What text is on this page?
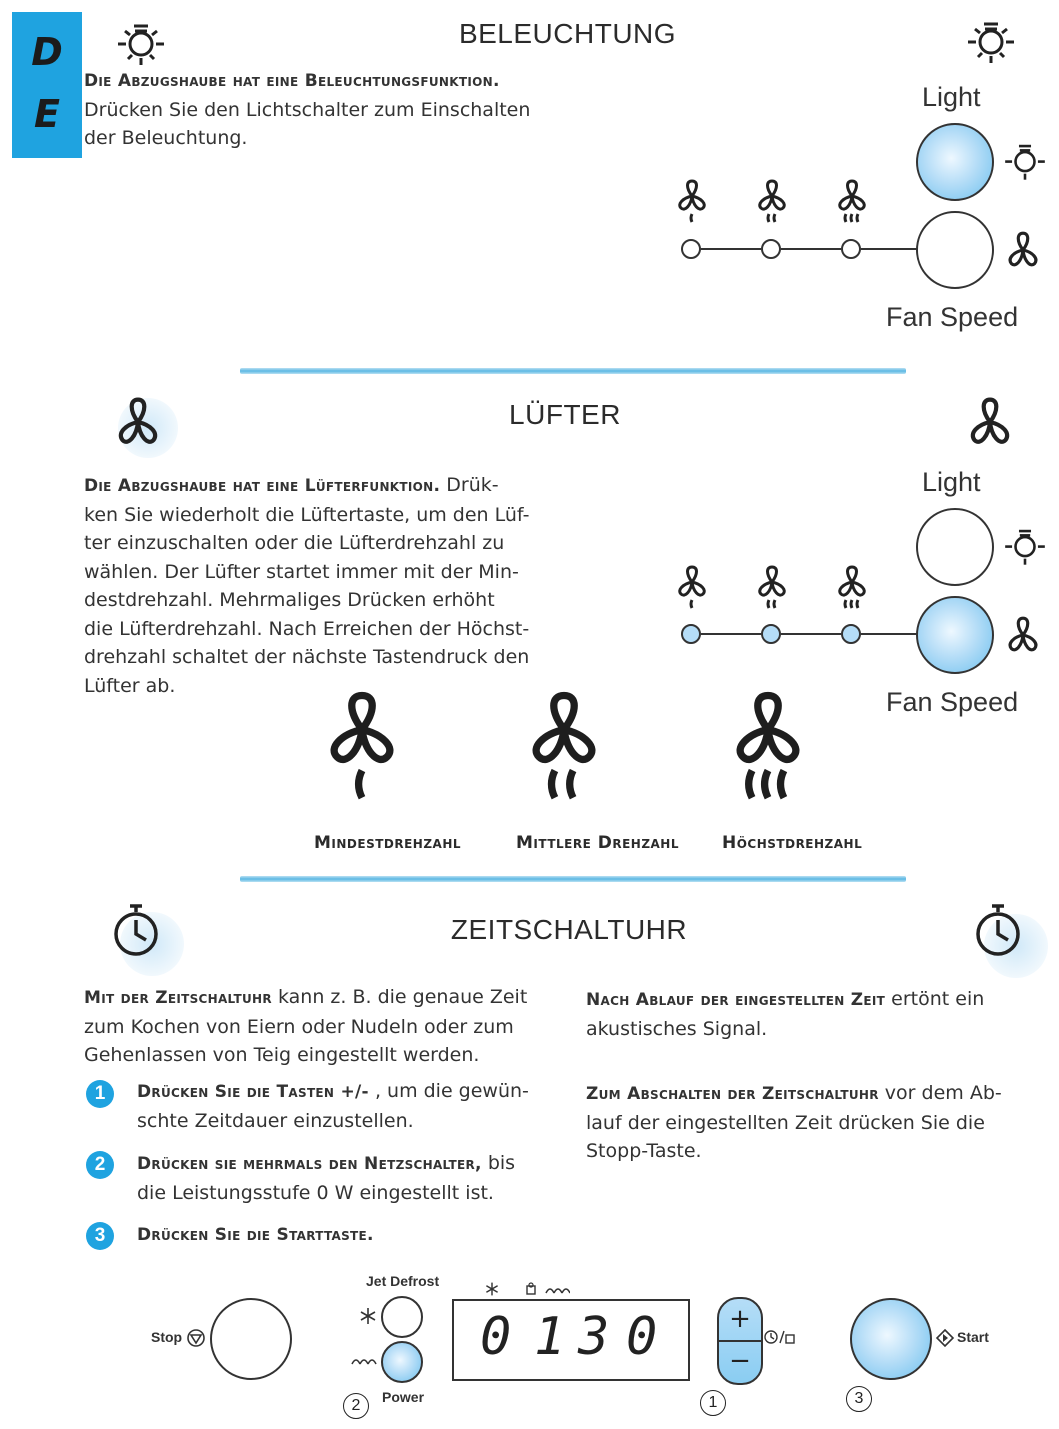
D
E
BELEUCHTUNG
Die Abzugshaube hat eine Beleuchtungsfunktion. Drücken Sie den Lichtschalter zum Einschalten
der Beleuchtung.
Light
Fan Speed
LÜFTER
Die Abzugshaube hat eine Lüfterfunktion. Drük-
ken Sie wiederholt die Lüftertaste, um den Lüf-
ter einzuschalten oder die Lüfterdrehzahl zu
wählen. Der Lüfter startet immer mit der Min-
destdrehzahl. Mehrmaliges Drücken erhöht
die Lüfterdrehzahl. Nach Erreichen der Höchst-
drehzahl schaltet der nächste Tastendruck den
Lüfter ab.
Light
Fan Speed
Mindestdrehzahl	Mittlere Drehzahl	Höchstdrehzahl
ZEITSCHALTUHR
Mit der Zeitschaltuhr kann z. B. die genaue Zeit
zum Kochen von Eiern oder Nudeln oder zum
Gehenlassen von Teig eingestellt werden.
1	Drücken Sie die Tasten +/- , um die gewün-
schte Zeitdauer einzustellen.
2	Drücken sie mehrmals den Netzschalter, bis
die Leistungsstufe 0 W eingestellt ist.
3	Drücken Sie die Starttaste.
Nach Ablauf der eingestellten Zeit ertönt ein
akustisches Signal.
Zum Abschalten der Zeitschaltuhr vor dem Ab-
lauf der eingestellten Zeit drücken Sie die
Stopp-Taste.
Stop
Jet Defrost
Power
2
0 1 3 0	+
−
1
Start
3
